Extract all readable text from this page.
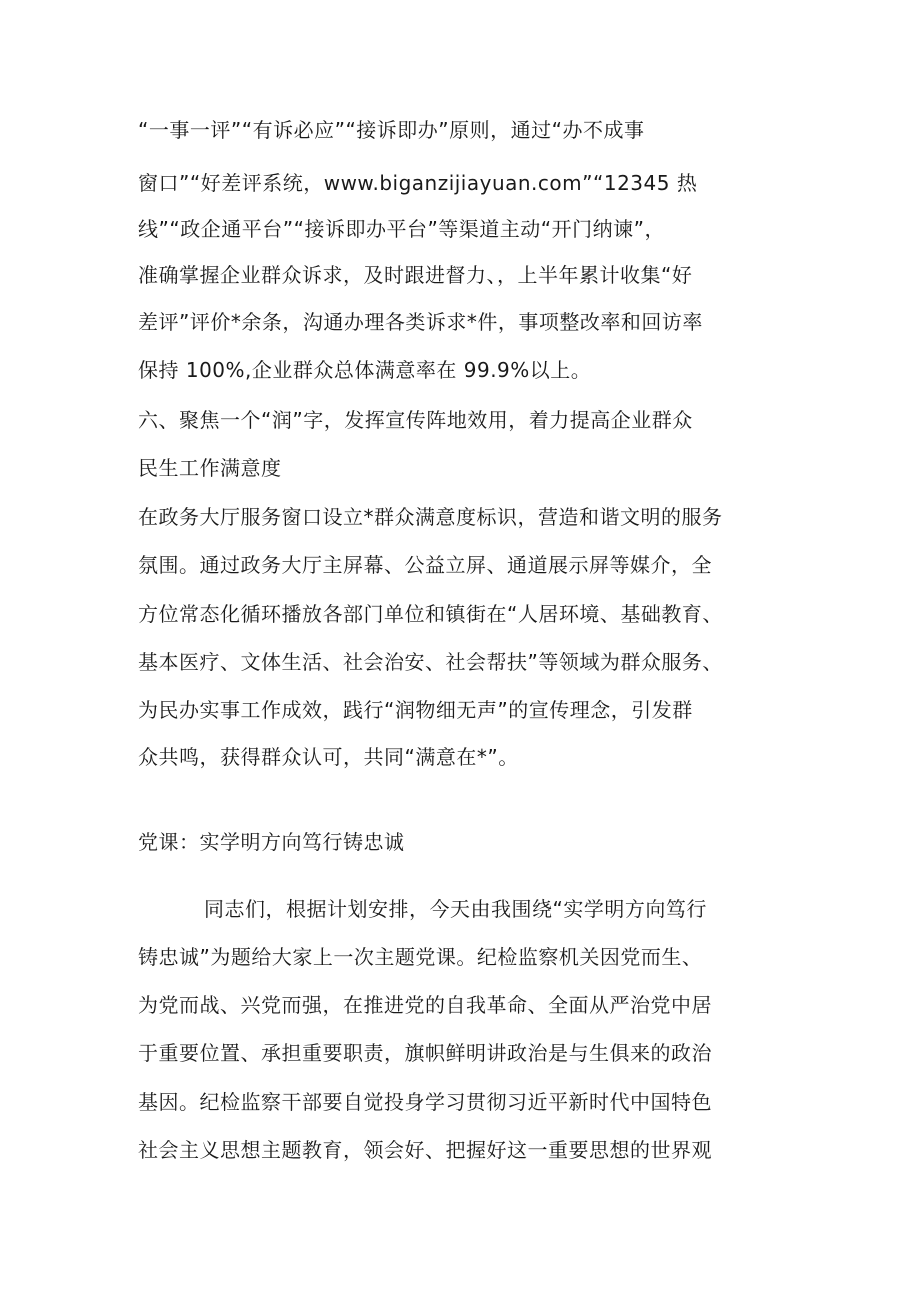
“一事一评”“有诉必应”“接诉即办”原则，通过“办不成事

窗口”“好差评系统，www.biganzijiayuan.com”“12345 热

线”“政企通平台”“接诉即办平台”等渠道主动“开门纳谏”，

准确掌握企业群众诉求，及时跟进督力、，上半年累计收集“好

差评”评价*余条，沟通办理各类诉求*件，事项整改率和回访率

保持 100%,企业群众总体满意率在 99.9%以上。

六、聚焦一个“润”字，发挥宣传阵地效用，着力提高企业群众

民生工作满意度

在政务大厅服务窗口设立*群众满意度标识，营造和谐文明的服务

氛围。通过政务大厅主屏幕、公益立屏、通道展示屏等媒介，全

方位常态化循环播放各部门单位和镇街在“人居环境、基础教育、

基本医疗、文体生活、社会治安、社会帮扶”等领域为群众服务、

为民办实事工作成效，践行“润物细无声”的宣传理念，引发群

众共鸣，获得群众认可，共同“满意在*”。

党课：实学明方向笃行铸忠诚

同志们，根据计划安排，今天由我围绕“实学明方向笃行

铸忠诚”为题给大家上一次主题党课。纪检监察机关因党而生、

为党而战、兴党而强，在推进党的自我革命、全面从严治党中居

于重要位置、承担重要职责，旗帜鲜明讲政治是与生俱来的政治

基因。纪检监察干部要自觉投身学习贯彻习近平新时代中国特色

社会主义思想主题教育，领会好、把握好这一重要思想的世界观
